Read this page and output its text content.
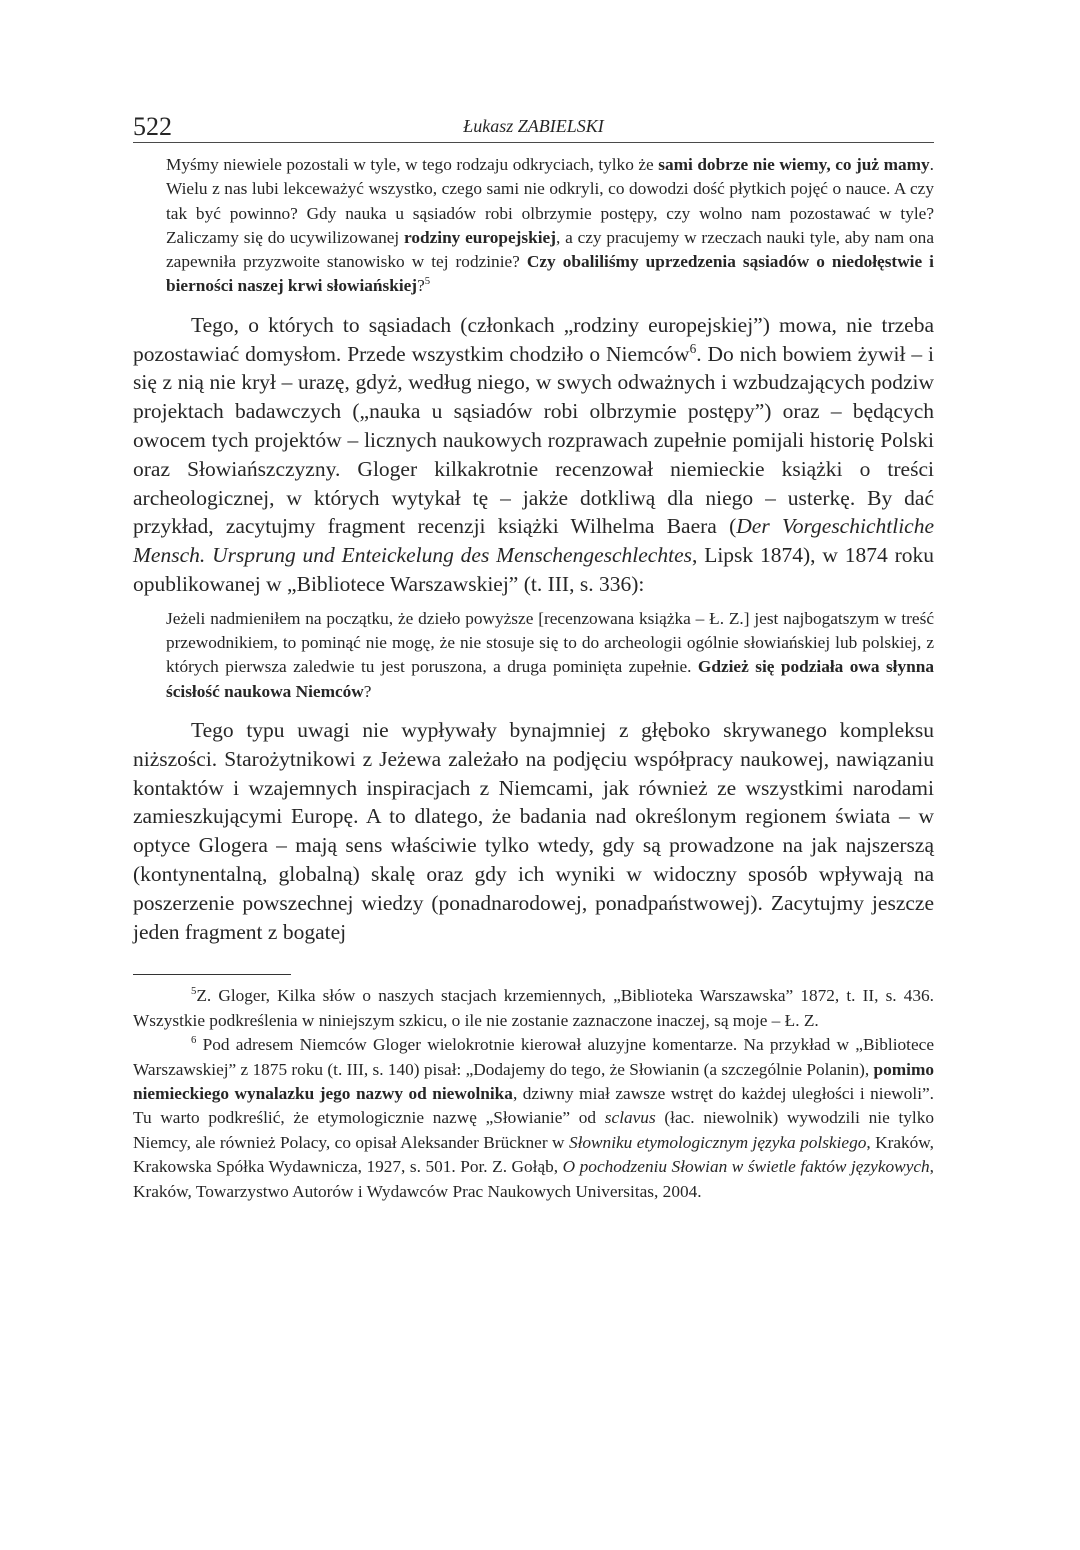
522	Łukasz ZABIELSKI

Myśmy niewiele pozostali w tyle, w tego rodzaju odkryciach, tylko że sami dobrze nie wiemy, co już mamy. Wielu z nas lubi lekceważyć wszystko, czego sami nie odkryli, co dowodzi dość płytkich pojęć o nauce. A czy tak być powinno? Gdy nauka u sąsiadów robi olbrzymie postępy, czy wolno nam pozostawać w tyle? Zaliczamy się do ucywilizowanej rodziny europejskiej, a czy pracujemy w rzeczach nauki tyle, aby nam ona zapewniła przyzwoite stanowisko w tej rodzinie? Czy obaliliśmy uprzedzenia sąsiadów o niedołęstwie i bierności naszej krwi słowiańskiej?$^5$

Tego, o których to sąsiadach (członkach „rodziny europejskiej”) mowa, nie trzeba pozostawiać domysłom. Przede wszystkim chodziło o Niemców$^6$. Do nich bowiem żywił – i się z nią nie krył – urazę, gdyż, według niego, w swych odważnych i wzbudzających podziw projektach badawczych („nauka u sąsiadów robi olbrzymie postępy”) oraz – będących owocem tych projektów – licznych naukowych rozprawach zupełnie pomijali historię Polski oraz Słowiańszczyzny. Gloger kilkakrotnie recenzował niemieckie książki o treści archeologicznej, w których wytykał tę – jakże dotkliwą dla niego – usterkę. By dać przykład, zacytujmy fragment recenzji książki Wilhelma Baera (Der Vorgeschichtliche Mensch. Ursprung und Enteickelung des Menschengeschlechtes, Lipsk 1874), w 1874 roku opublikowanej w „Bibliotece Warszawskiej” (t. III, s. 336):

Jeżeli nadmieniłem na początku, że dzieło powyższe [recenzowana książka – Ł. Z.] jest najbogatszym w treść przewodnikiem, to pominąć nie mogę, że nie stosuje się to do archeologii ogólnie słowiańskiej lub polskiej, z których pierwsza zaledwie tu jest poruszona, a druga pominięta zupełnie. Gdzież się podziała owa słynna ścisłość naukowa Niemców?

Tego typu uwagi nie wypływały bynajmniej z głęboko skrywanego kompleksu niższości. Starożytnikowi z Jeżewa zależało na podjęciu współpracy naukowej, nawiązaniu kontaktów i wzajemnych inspiracjach z Niemcami, jak również ze wszystkimi narodami zamieszkującymi Europę. A to dlatego, że badania nad określonym regionem świata – w optyce Glogera – mają sens właściwie tylko wtedy, gdy są prowadzone na jak najszerszą (kontynentalną, globalną) skalę oraz gdy ich wyniki w widoczny sposób wpływają na poszerzenie powszechnej wiedzy (ponadnarodowej, ponadpaństwowej). Zacytujmy jeszcze jeden fragment z bogatej

$^5$Z. Gloger, Kilka słów o naszych stacjach krzemiennych, „Biblioteka Warszawska” 1872, t. II, s. 436. Wszystkie podkreślenia w niniejszym szkicu, o ile nie zostanie zaznaczone inaczej, są moje – Ł. Z.

$^6$ Pod adresem Niemców Gloger wielokrotnie kierował aluzyjne komentarze. Na przykład w „Bibliotece Warszawskiej” z 1875 roku (t. III, s. 140) pisał: „Dodajemy do tego, że Słowianin (a szczególnie Polanin), pomimo niemieckiego wynalazku jego nazwy od niewolnika, dziwny miał zawsze wstręt do każdej uległości i niewoli”. Tu warto podkreślić, że etymologicznie nazwę „Słowianie” od sclavus (łac. niewolnik) wywodzili nie tylko Niemcy, ale również Polacy, co opisał Aleksander Brückner w Słowniku etymologicznym języka polskiego, Kraków, Krakowska Spółka Wydawnicza, 1927, s. 501. Por. Z. Gołąb, O pochodzeniu Słowian w świetle faktów językowych, Kraków, Towarzystwo Autorów i Wydawców Prac Naukowych Universitas, 2004.
